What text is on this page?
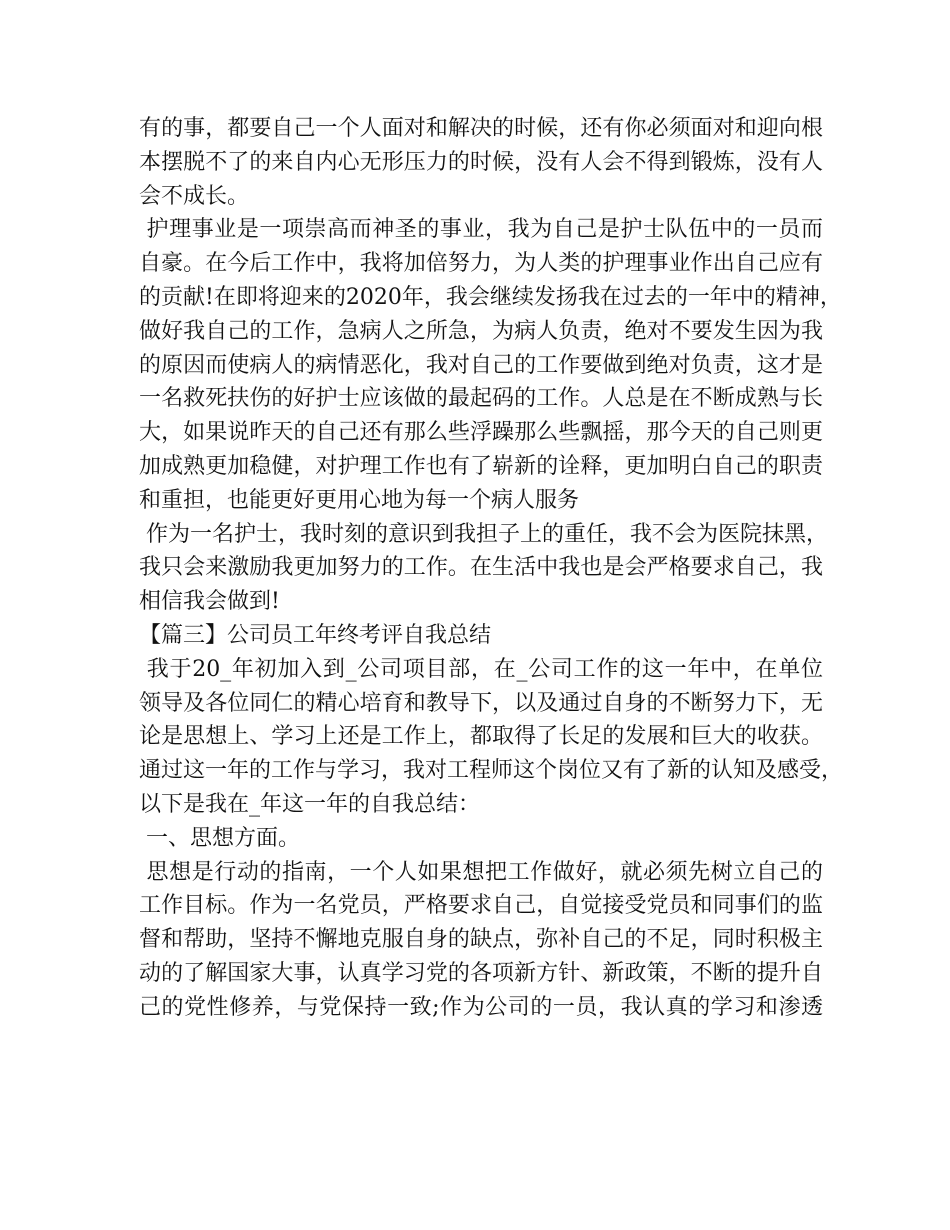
有的事，都要自己一个人面对和解决的时候，还有你必须面对和迎向根
本摆脱不了的来自内心无形压力的时候，没有人会不得到锻炼，没有人
会不成长。
护理事业是一项崇高而神圣的事业，我为自己是护士队伍中的一员而
自豪。在今后工作中，我将加倍努力，为人类的护理事业作出自己应有
的贡献!在即将迎来的2020年，我会继续发扬我在过去的一年中的精神，
做好我自己的工作，急病人之所急，为病人负责，绝对不要发生因为我
的原因而使病人的病情恶化，我对自己的工作要做到绝对负责，这才是
一名救死扶伤的好护士应该做的最起码的工作。人总是在不断成熟与长
大，如果说昨天的自己还有那么些浮躁那么些飘摇，那今天的自己则更
加成熟更加稳健，对护理工作也有了崭新的诠释，更加明白自己的职责
和重担，也能更好更用心地为每一个病人服务
作为一名护士，我时刻的意识到我担子上的重任，我不会为医院抹黑，
我只会来激励我更加努力的工作。在生活中我也是会严格要求自己，我
相信我会做到!
【篇三】公司员工年终考评自我总结
我于20_年初加入到_公司项目部，在_公司工作的这一年中，在单位
领导及各位同仁的精心培育和教导下，以及通过自身的不断努力下，无
论是思想上、学习上还是工作上，都取得了长足的发展和巨大的收获。
通过这一年的工作与学习，我对工程师这个岗位又有了新的认知及感受，
以下是我在_年这一年的自我总结：
一、思想方面。
思想是行动的指南，一个人如果想把工作做好，就必须先树立自己的
工作目标。作为一名党员，严格要求自己，自觉接受党员和同事们的监
督和帮助，坚持不懈地克服自身的缺点，弥补自己的不足，同时积极主
动的了解国家大事，认真学习党的各项新方针、新政策，不断的提升自
己的党性修养，与党保持一致;作为公司的一员，我认真的学习和渗透
